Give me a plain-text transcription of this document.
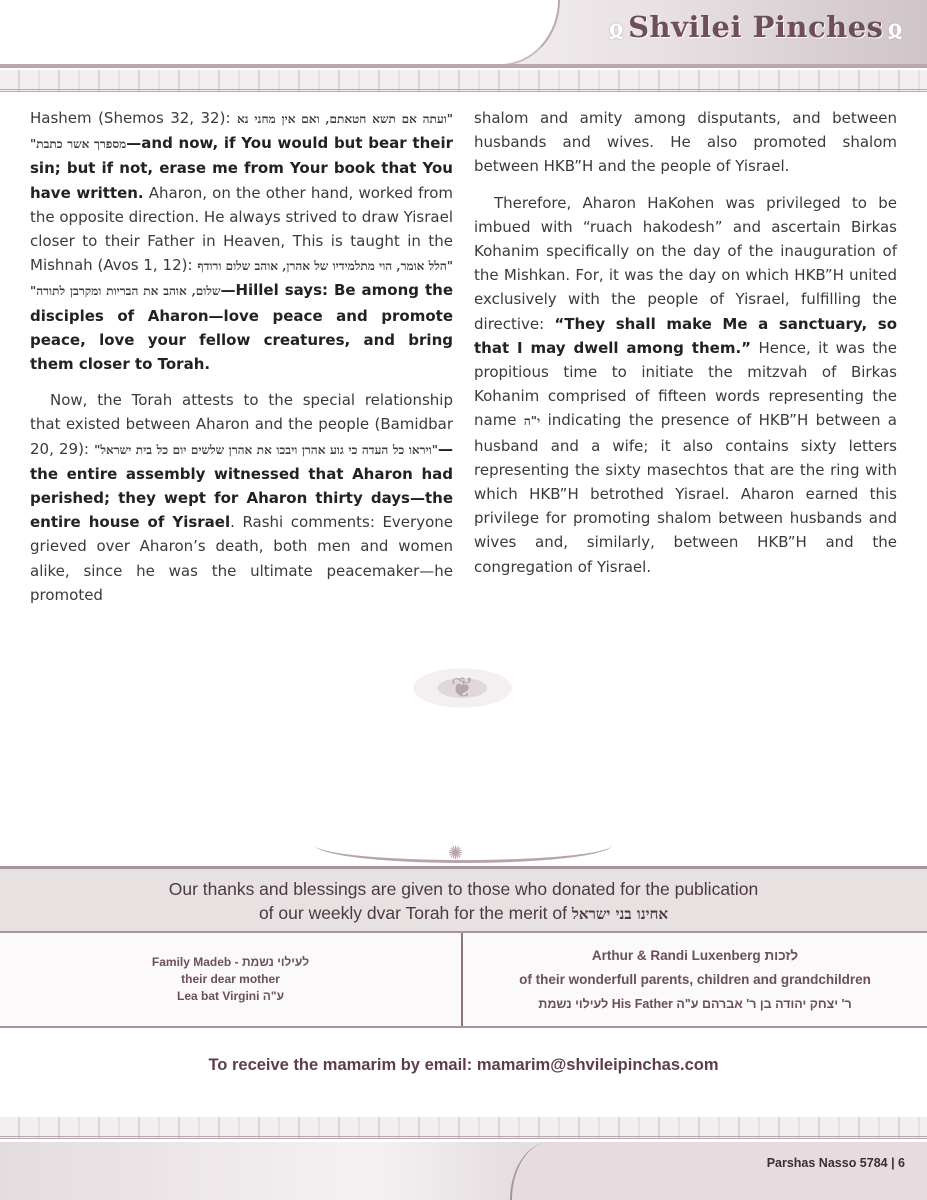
ჲ Shvilei Pinches ჲ

Hashem (Shemos 32, 32): "ועתה אם תשא חטאתם, ואם אין מחני נא מספרך אשר כתבת"—and now, if You would but bear their sin; but if not, erase me from Your book that You have written. Aharon, on the other hand, worked from the opposite direction. He always strived to draw Yisrael closer to their Father in Heaven, This is taught in the Mishnah (Avos 1, 12): "הלל אומר, הוי מתלמידיו של אהרן, אוהב שלום ורודף שלום, אוהב את הבריות ומקרבן לתורה"—Hillel says: Be among the disciples of Aharon—love peace and promote peace, love your fellow creatures, and bring them closer to Torah.

Now, the Torah attests to the special relationship that existed between Aharon and the people (Bamidbar 20, 29): "ויראו כל העדה כי גוע אהרן ויבכו את אהרן שלשים יום כל בית ישראל"—the entire assembly witnessed that Aharon had perished; they wept for Aharon thirty days—the entire house of Yisrael. Rashi comments: Everyone grieved over Aharon’s death, both men and women alike, since he was the ultimate peacemaker—he promoted

shalom and amity among disputants, and between husbands and wives. He also promoted shalom between HKB”H and the people of Yisrael.

Therefore, Aharon HaKohen was privileged to be imbued with “ruach hakodesh” and ascertain Birkas Kohanim specifically on the day of the inauguration of the Mishkan. For, it was the day on which HKB”H united exclusively with the people of Yisrael, fulfilling the directive: “They shall make Me a sanctuary, so that I may dwell among them.” Hence, it was the propitious time to initiate the mitzvah of Birkas Kohanim comprised of fifteen words representing the name י"ה indicating the presence of HKB”H between a husband and a wife; it also contains sixty letters representing the sixty masechtos that are the ring with which HKB”H betrothed Yisrael. Aharon earned this privilege for promoting shalom between husbands and wives and, similarly, between HKB”H and the congregation of Yisrael.

❦
✺
Our thanks and blessings are given to those who donated for the publication
of our weekly dvar Torah for the merit of אחינו בני ישראל
Family Madeb - לעילוי נשמת
their dear mother
Lea bat Virgini ע"ה
Arthur & Randi Luxenberg לזכות
of their wonderfull parents, children and grandchildren
לעילוי נשמת His Father ר' יצחק יהודה בן ר' אברהם ע"ה
To receive the mamarim by email: mamarim@shvileipinchas.com
Parshas Nasso 5784 | 6
